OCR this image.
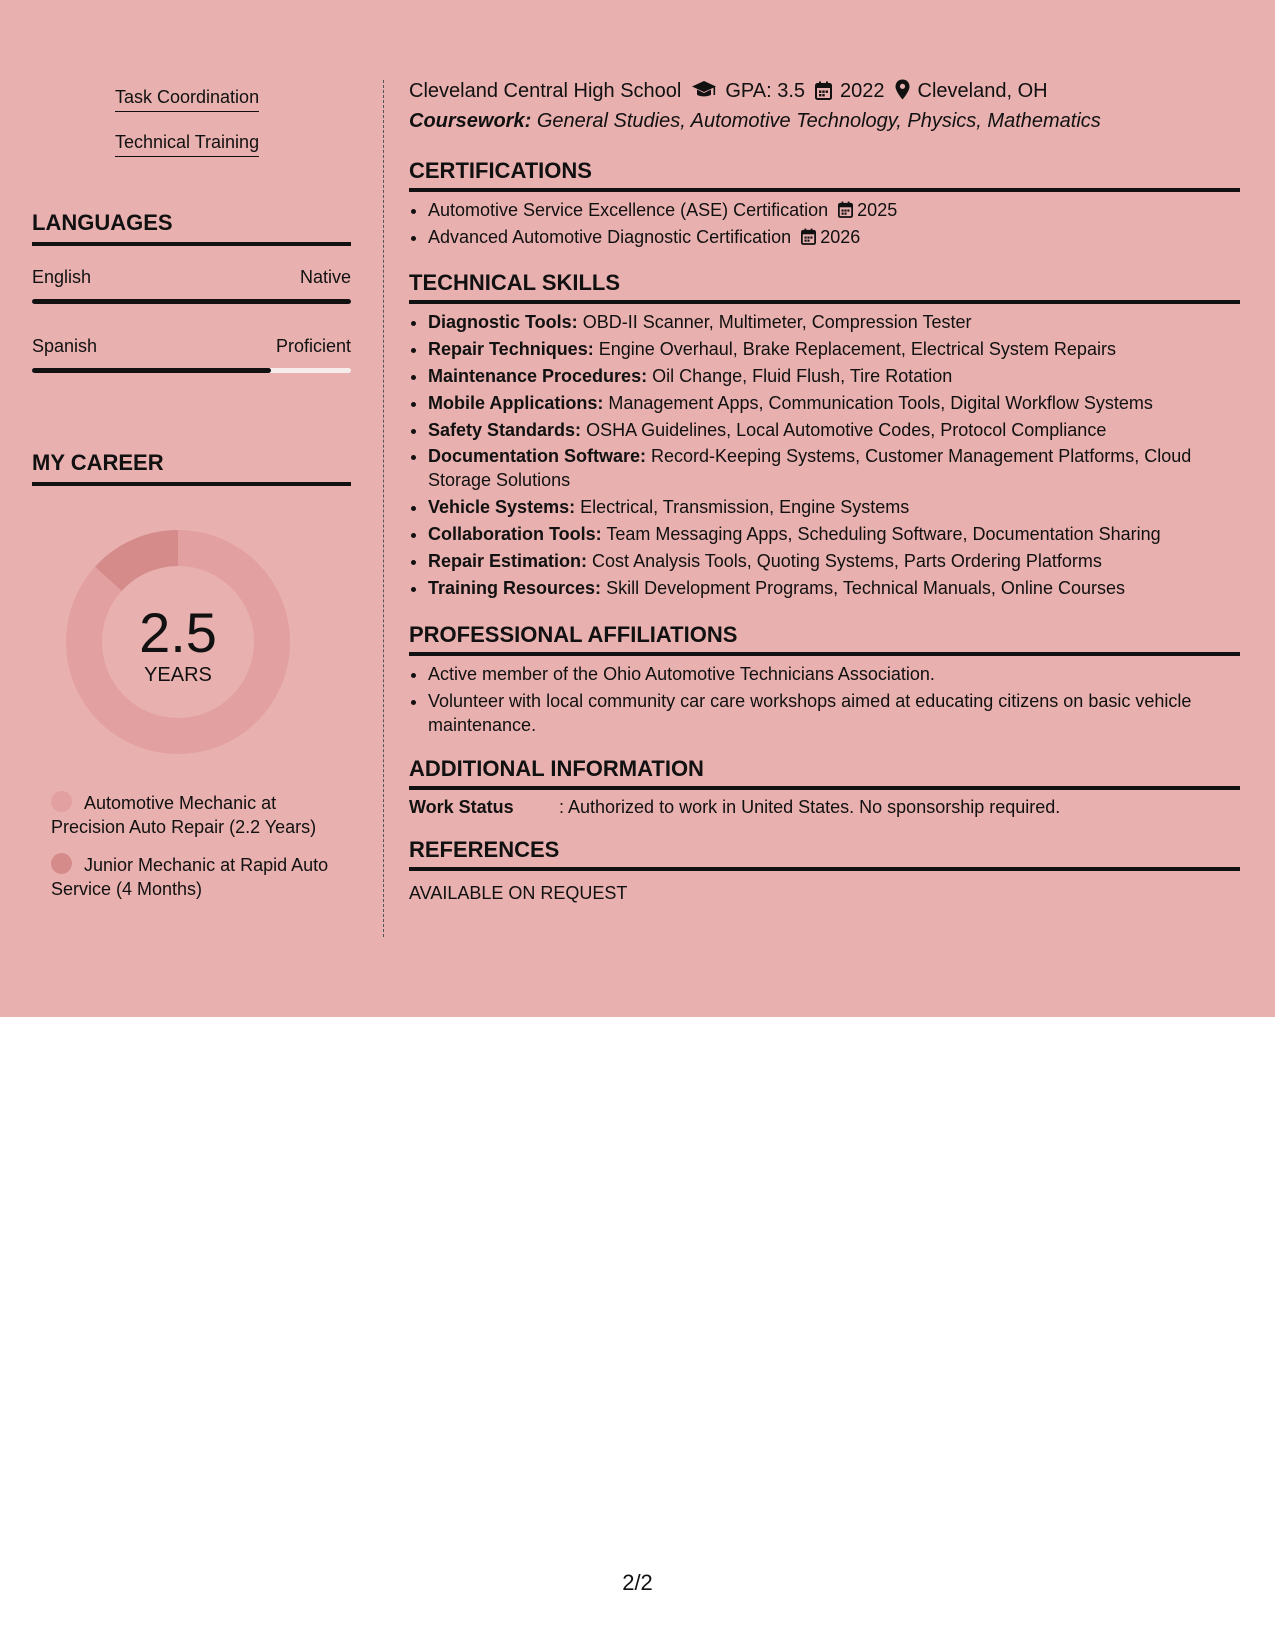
Task Coordination
Technical Training
LANGUAGES
English	Native
Spanish	Proficient
MY CAREER
2.5
YEARS
Automotive Mechanic at Precision Auto Repair (2.2 Years)
Junior Mechanic at Rapid Auto Service (4 Months)
Cleveland Central High School GPA: 3.5 2022 Cleveland, OH
Coursework: General Studies, Automotive Technology, Physics, Mathematics
CERTIFICATIONS
• Automotive Service Excellence (ASE) Certification 2025
• Advanced Automotive Diagnostic Certification 2026
TECHNICAL SKILLS
• Diagnostic Tools: OBD-II Scanner, Multimeter, Compression Tester
• Repair Techniques: Engine Overhaul, Brake Replacement, Electrical System Repairs
• Maintenance Procedures: Oil Change, Fluid Flush, Tire Rotation
• Mobile Applications: Management Apps, Communication Tools, Digital Workflow Systems
• Safety Standards: OSHA Guidelines, Local Automotive Codes, Protocol Compliance
• Documentation Software: Record-Keeping Systems, Customer Management Platforms, Cloud Storage Solutions
• Vehicle Systems: Electrical, Transmission, Engine Systems
• Collaboration Tools: Team Messaging Apps, Scheduling Software, Documentation Sharing
• Repair Estimation: Cost Analysis Tools, Quoting Systems, Parts Ordering Platforms
• Training Resources: Skill Development Programs, Technical Manuals, Online Courses
PROFESSIONAL AFFILIATIONS
• Active member of the Ohio Automotive Technicians Association.
• Volunteer with local community car care workshops aimed at educating citizens on basic vehicle maintenance.
ADDITIONAL INFORMATION
Work Status	: Authorized to work in United States. No sponsorship required.
REFERENCES
AVAILABLE ON REQUEST
2/2
